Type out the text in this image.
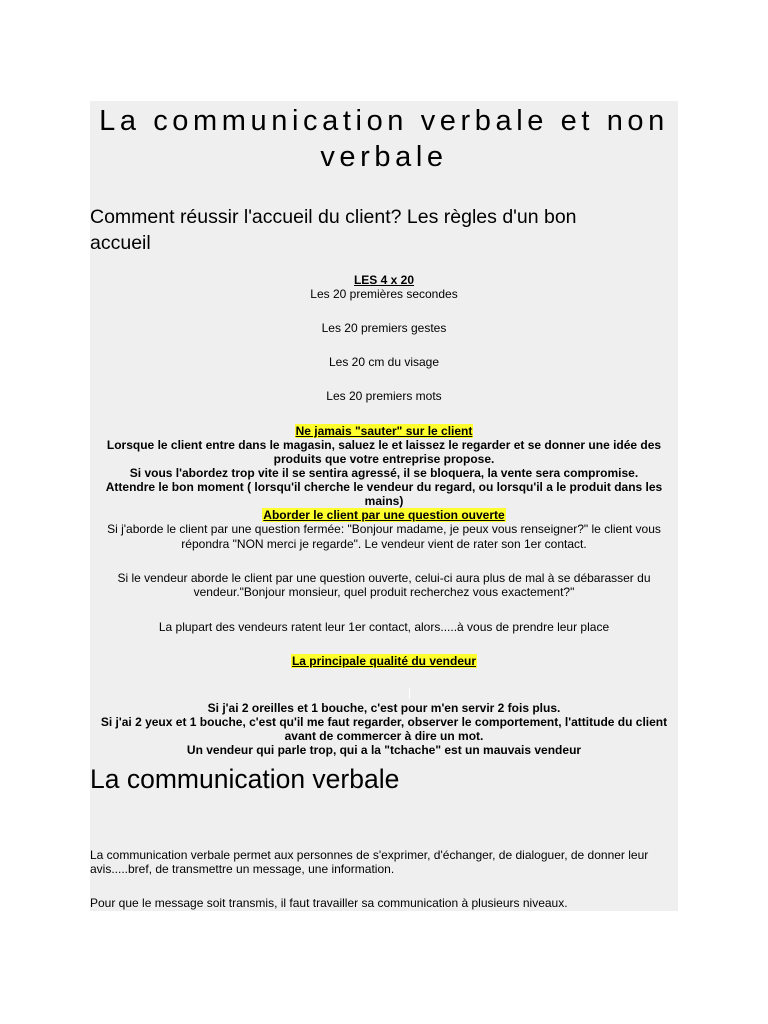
La communication verbale et non
verbale
Comment réussir l'accueil du client? Les règles d'un bon
accueil
LES 4 x 20
Les 20 premières secondes
Les 20 premiers gestes
Les 20 cm du visage
Les 20 premiers mots
Ne jamais "sauter" sur le client
Lorsque le client entre dans le magasin, saluez le et laissez le regarder et se donner une idée des
produits que votre entreprise propose.
Si vous l'abordez trop vite il se sentira agressé, il se bloquera, la vente sera compromise.
Attendre le bon moment ( lorsqu'il cherche le vendeur du regard, ou lorsqu'il a le produit dans les
mains)
Aborder le client par une question ouverte
Si j'aborde le client par une question fermée: "Bonjour madame, je peux vous renseigner?" le client vous
répondra "NON merci je regarde". Le vendeur vient de rater son 1er contact.
Si le vendeur aborde le client par une question ouverte, celui-ci aura plus de mal à se débarasser du
vendeur."Bonjour monsieur, quel produit recherchez vous exactement?"
La plupart des vendeurs ratent leur 1er contact, alors.....à vous de prendre leur place
La principale qualité du vendeur
Si j'ai 2 oreilles et 1 bouche, c'est pour m'en servir 2 fois plus.
Si j'ai 2 yeux et 1 bouche, c'est qu'il me faut regarder, observer le comportement, l'attitude du client
avant de commercer à dire un mot.
Un vendeur qui parle trop, qui a la "tchache" est un mauvais vendeur
La communication verbale
La communication verbale permet aux personnes de s'exprimer, d'échanger, de dialoguer, de donner leur
avis.....bref, de transmettre un message, une information.
Pour que le message soit transmis, il faut travailler sa communication à plusieurs niveaux.
